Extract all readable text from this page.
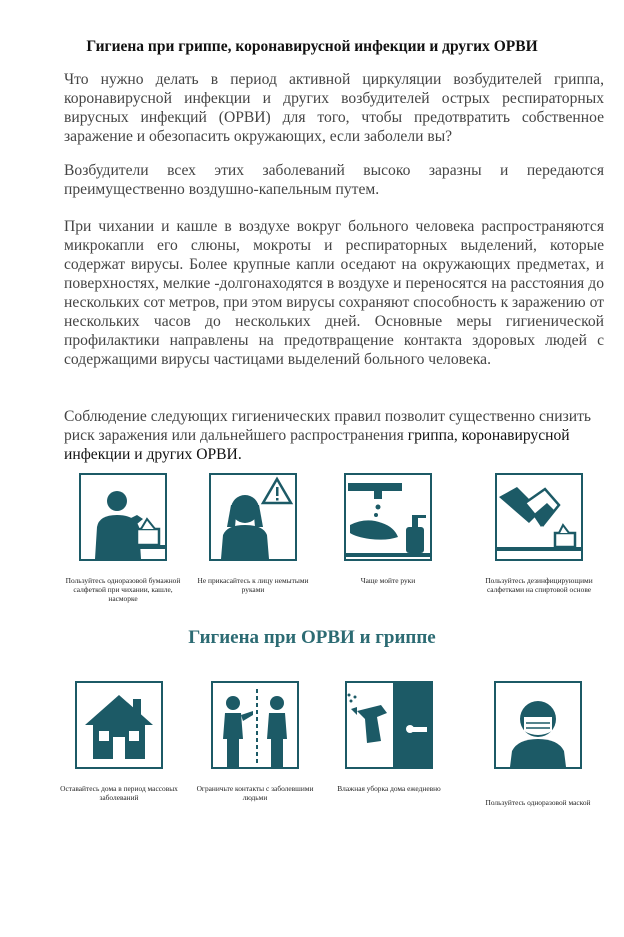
Гигиена при гриппе, коронавирусной инфекции и других ОРВИ

Что нужно делать в период активной циркуляции возбудителей гриппа, коронавирусной инфекции и других возбудителей острых респираторных вирусных инфекций (ОРВИ) для того, чтобы предотвратить собственное заражение и обезопасить окружающих, если заболели вы?

Возбудители всех этих заболеваний высоко заразны и передаются преимущественно воздушно-капельным путем.

При чихании и кашле в воздухе вокруг больного человека распространяются микрокапли его слюны, мокроты и респираторных выделений, которые содержат вирусы. Более крупные капли оседают на окружающих предметах, и поверхностях, мелкие -долгонаходятся в воздухе и переносятся на расстояния до нескольких сот метров, при этом вирусы сохраняют способность к заражению от нескольких часов до нескольких дней. Основные меры гигиенической профилактики направлены на предотвращение контакта здоровых людей с содержащими вирусы частицами выделений больного человека.

Соблюдение следующих гигиенических правил позволит существенно снизить риск заражения или дальнейшего распространения гриппа, коронавирусной инфекции и других ОРВИ.

Пользуйтесь одноразовой бумажной салфеткой при чихании, кашле, насморке
Не прикасайтесь к лицу немытыми руками
Чаще мойте руки	Пользуйтесь дезинфицирующими салфетками на спиртовой основе
Гигиена при ОРВИ и гриппе
Оставайтесь дома в период массовых заболеваний
Ограничьте контакты с заболевшими людьми
Влажная уборка дома ежедневно
Пользуйтесь одноразовой маской
